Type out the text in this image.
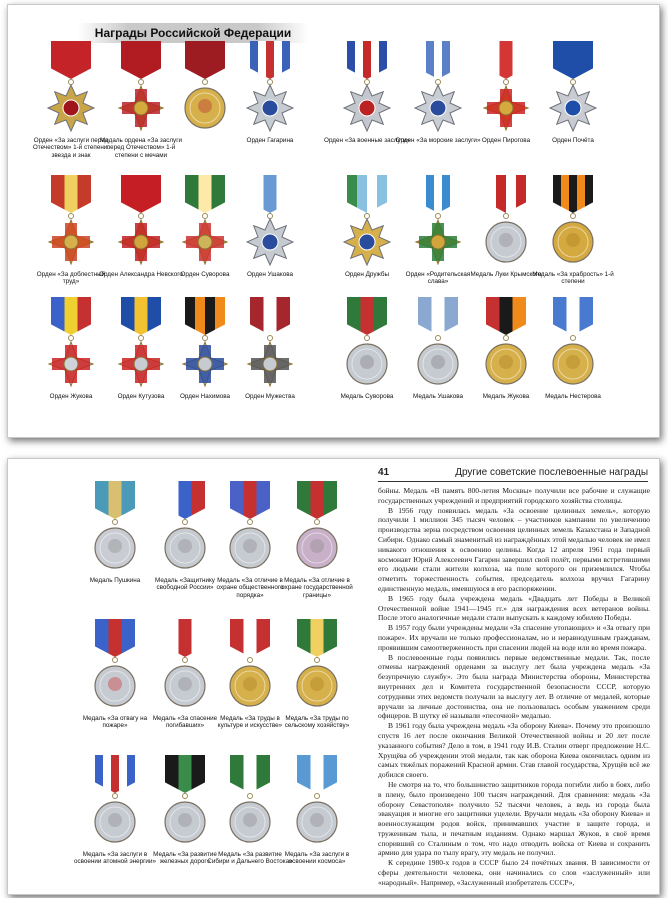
Награды Российской Федерации
Орден «За заслуги перед Отечеством» 1-й степени: звезда и знак
Медаль ордена «За заслуги перед Отечеством» 1-й степени с мечами
Орден Гагарина	Орден «За военные заслуги»
Орден «За морские заслуги» Орден Пирогова	Орден Почёта
Орден «За доблестный труд»
Орден Александра Невского
Орден Суворова	Орден Ушакова	Орден Дружбы	Орден «Родительская слава»
Медаль Луки Крымского
Медаль «За храбрость» 1-й степени
Орден Жукова	Орден Кутузова	Орден Нахимова	Орден Мужества	Медаль Суворова	Медаль Ушакова	Медаль Жукова	Медаль Нестерова
Медаль Пушкина	Медаль «Защитнику свободной России»
Медаль «За отличие в охране общественного порядка»
Медаль «За отличие в охране государственной границы»
Медаль «За отвагу на пожаре»
Медаль «За спасение погибавших»
Медаль «За труды в культуре и искусстве»
Медаль «За труды по сельскому хозяйству»
Медаль «За заслуги в освоении атомной энергии»
Медаль «За развитие железных дорог»
Медаль «За развитие Сибири и Дальнего Востока»
Медаль «За заслуги в освоении космоса»
41	Другие советские послевоенные награды

бойны. Медаль «В память 800-летия Москвы» получили все рабочие и служащие государственных учреждений и предприятий городского хозяйства столицы.

В 1956 году появилась медаль «За освоение целинных земель», которую получили 1 миллион 345 тысяч человек – участников кампании по увеличению производства зерна посредством освоения целинных земель Казахстана и Западной Сибири. Однако самый знаменитый из награждённых этой медалью человек не имел никакого отношения к освоению целины. Когда 12 апреля 1961 года первый космонавт Юрий Алексеевич Гагарин завершил свой полёт, первыми встретившими его людьми стали жители колхоза, на поле которого он приземлился. Чтобы отметить торжественность события, председатель колхоза вручил Гагарину единственную медаль, имевшуюся в его распоряжении.

В 1965 году была учреждена медаль «Двадцать лет Победы в Великой Отечественной войне 1941—1945 гг.» для награждения всех ветеранов войны. После этого аналогичные медали стали выпускать к каждому юбилею Победы.

В 1957 году были учреждены медали «За спасение утопающих» и «За отвагу при пожаре». Их вручали не только профессионалам, но и неравнодушным гражданам, проявившим самоотверженность при спасении людей на воде или во время пожара.

В послевоенные годы появились первые ведомственные медали. Так, после отмены награждений орденами за выслугу лет была учреждена медаль «За безупречную службу». Это была награда Министерства обороны, Министерства внутренних дел и Комитета государственной безопасности СССР, которую сотрудники этих ведомств получали за выслугу лет. В отличие от медалей, которые вручали за личные достоинства, она не пользовалась особым уважением среди офицеров. В шутку её называли «песочной» медалью.

В 1961 году была учреждена медаль «За оборону Киева». Почему это произошло спустя 16 лет после окончания Великой Отечественной войны и 20 лет после указанного события? Дело в том, в 1941 году И.В. Сталин отверг предложение Н.С. Хрущёва об учреждении этой медали, так как оборона Киева окончилась одним из самых тяжёлых поражений Красной армии. Став главой государства, Хрущёв всё же добился своего.

Не смотря на то, что большинство защитников города погибли либо в боях, либо в плену, было произведено 100 тысяч награждений. Для сравнения: медаль «За оборону Севастополя» получило 52 тысячи человек, а ведь из города была эвакуация и многие его защитники уцелели. Вручали медаль «За оборону Киева» и военнослужащим родов войск, принимавших участие в защите города, и труженикам тыла, и печатным изданиям. Однако маршал Жуков, в своё время споривший со Сталиным о том, что надо отводить войска от Киева и сохранить армию для удара по тылу врагу, эту медаль не получил.

К середине 1980-х годов в СССР было 24 почётных звания. В зависимости от сферы деятельности человека, они начинались со слов «заслуженный» или «народный». Например, «Заслуженный изобретатель СССР»,
